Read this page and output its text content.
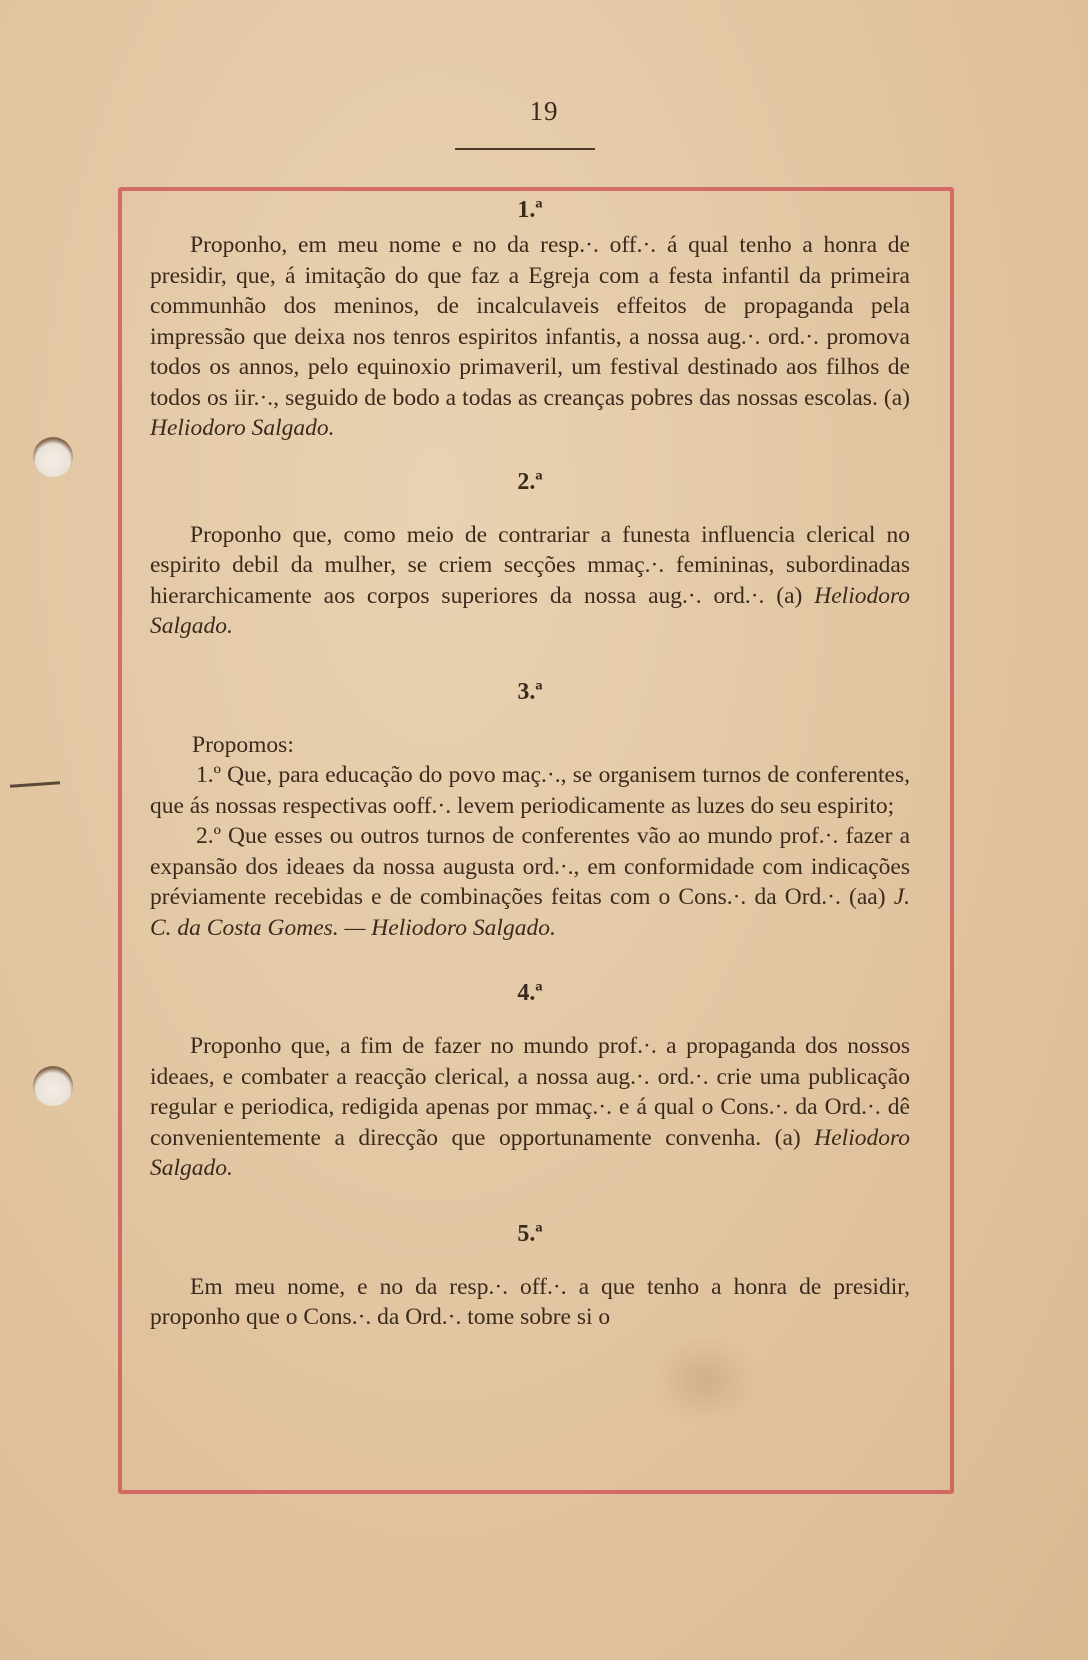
19
1.ª

Proponho, em meu nome e no da resp.·. off.·. á qual tenho a honra de presidir, que, á imitação do que faz a Egreja com a festa infantil da primeira communhão dos meninos, de incalculaveis effeitos de propaganda pela impressão que deixa nos tenros espiritos infantis, a nossa aug.·. ord.·. promova todos os annos, pelo equinoxio primaveril, um festival destinado aos filhos de todos os iir.·., seguido de bodo a todas as creanças pobres das nossas escolas. (a) Heliodoro Salgado.

2.ª

Proponho que, como meio de contrariar a funesta influencia clerical no espirito debil da mulher, se criem secções mmaç.·. femininas, subordinadas hierarchicamente aos corpos superiores da nossa aug.·. ord.·. (a) Heliodoro Salgado.

3.ª

Propomos:

1.º Que, para educação do povo maç.·., se organisem turnos de conferentes, que ás nossas respectivas ooff.·. levem periodicamente as luzes do seu espirito;

2.º Que esses ou outros turnos de conferentes vão ao mundo prof.·. fazer a expansão dos ideaes da nossa augusta ord.·., em conformidade com indicações préviamente recebidas e de combinações feitas com o Cons.·. da Ord.·. (aa) J. C. da Costa Gomes. — Heliodoro Salgado.

4.ª

Proponho que, a fim de fazer no mundo prof.·. a propaganda dos nossos ideaes, e combater a reacção clerical, a nossa aug.·. ord.·. crie uma publicação regular e periodica, redigida apenas por mmaç.·. e á qual o Cons.·. da Ord.·. dê convenientemente a direcção que opportunamente convenha. (a) Heliodoro Salgado.

5.ª

Em meu nome, e no da resp.·. off.·. a que tenho a honra de presidir, proponho que o Cons.·. da Ord.·. tome sobre si o
